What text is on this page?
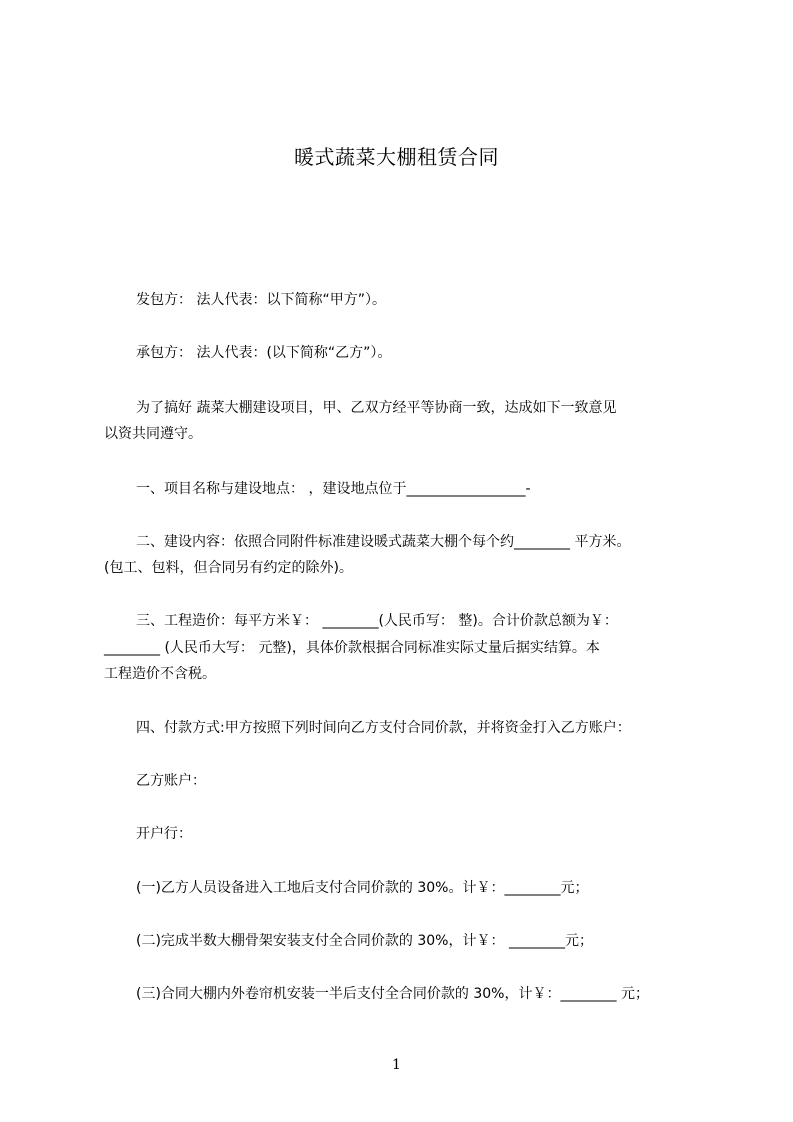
暖式蔬菜大棚租赁合同
发包方： 法人代表：以下简称“甲方”）。
承包方： 法人代表：(以下简称“乙方”）。
为了搞好 蔬菜大棚建设项目，甲、乙双方经平等协商一致，达成如下一致意见
以资共同遵守。
一、项目名称与建设地点： ，建设地点位于_________________-
二、建设内容：依照合同附件标准建设暖式蔬菜大棚个每个约________ 平方米。
(包工、包料，但合同另有约定的除外)。
三、工程造价：每平方米￥： ________(人民币写： 整)。合计价款总额为￥：
________ (人民币大写： 元整)，具体价款根据合同标准实际丈量后据实结算。本
工程造价不含税。
四、付款方式:甲方按照下列时间向乙方支付合同价款，并将资金打入乙方账户：
乙方账户：
开户行：
(一)乙方人员设备进入工地后支付合同价款的 30%。计￥：________元；
(二)完成半数大棚骨架安装支付全合同价款的 30%，计￥： ________元；
(三)合同大棚内外卷帘机安装一半后支付全合同价款的 30%，计￥：________ 元；
1
